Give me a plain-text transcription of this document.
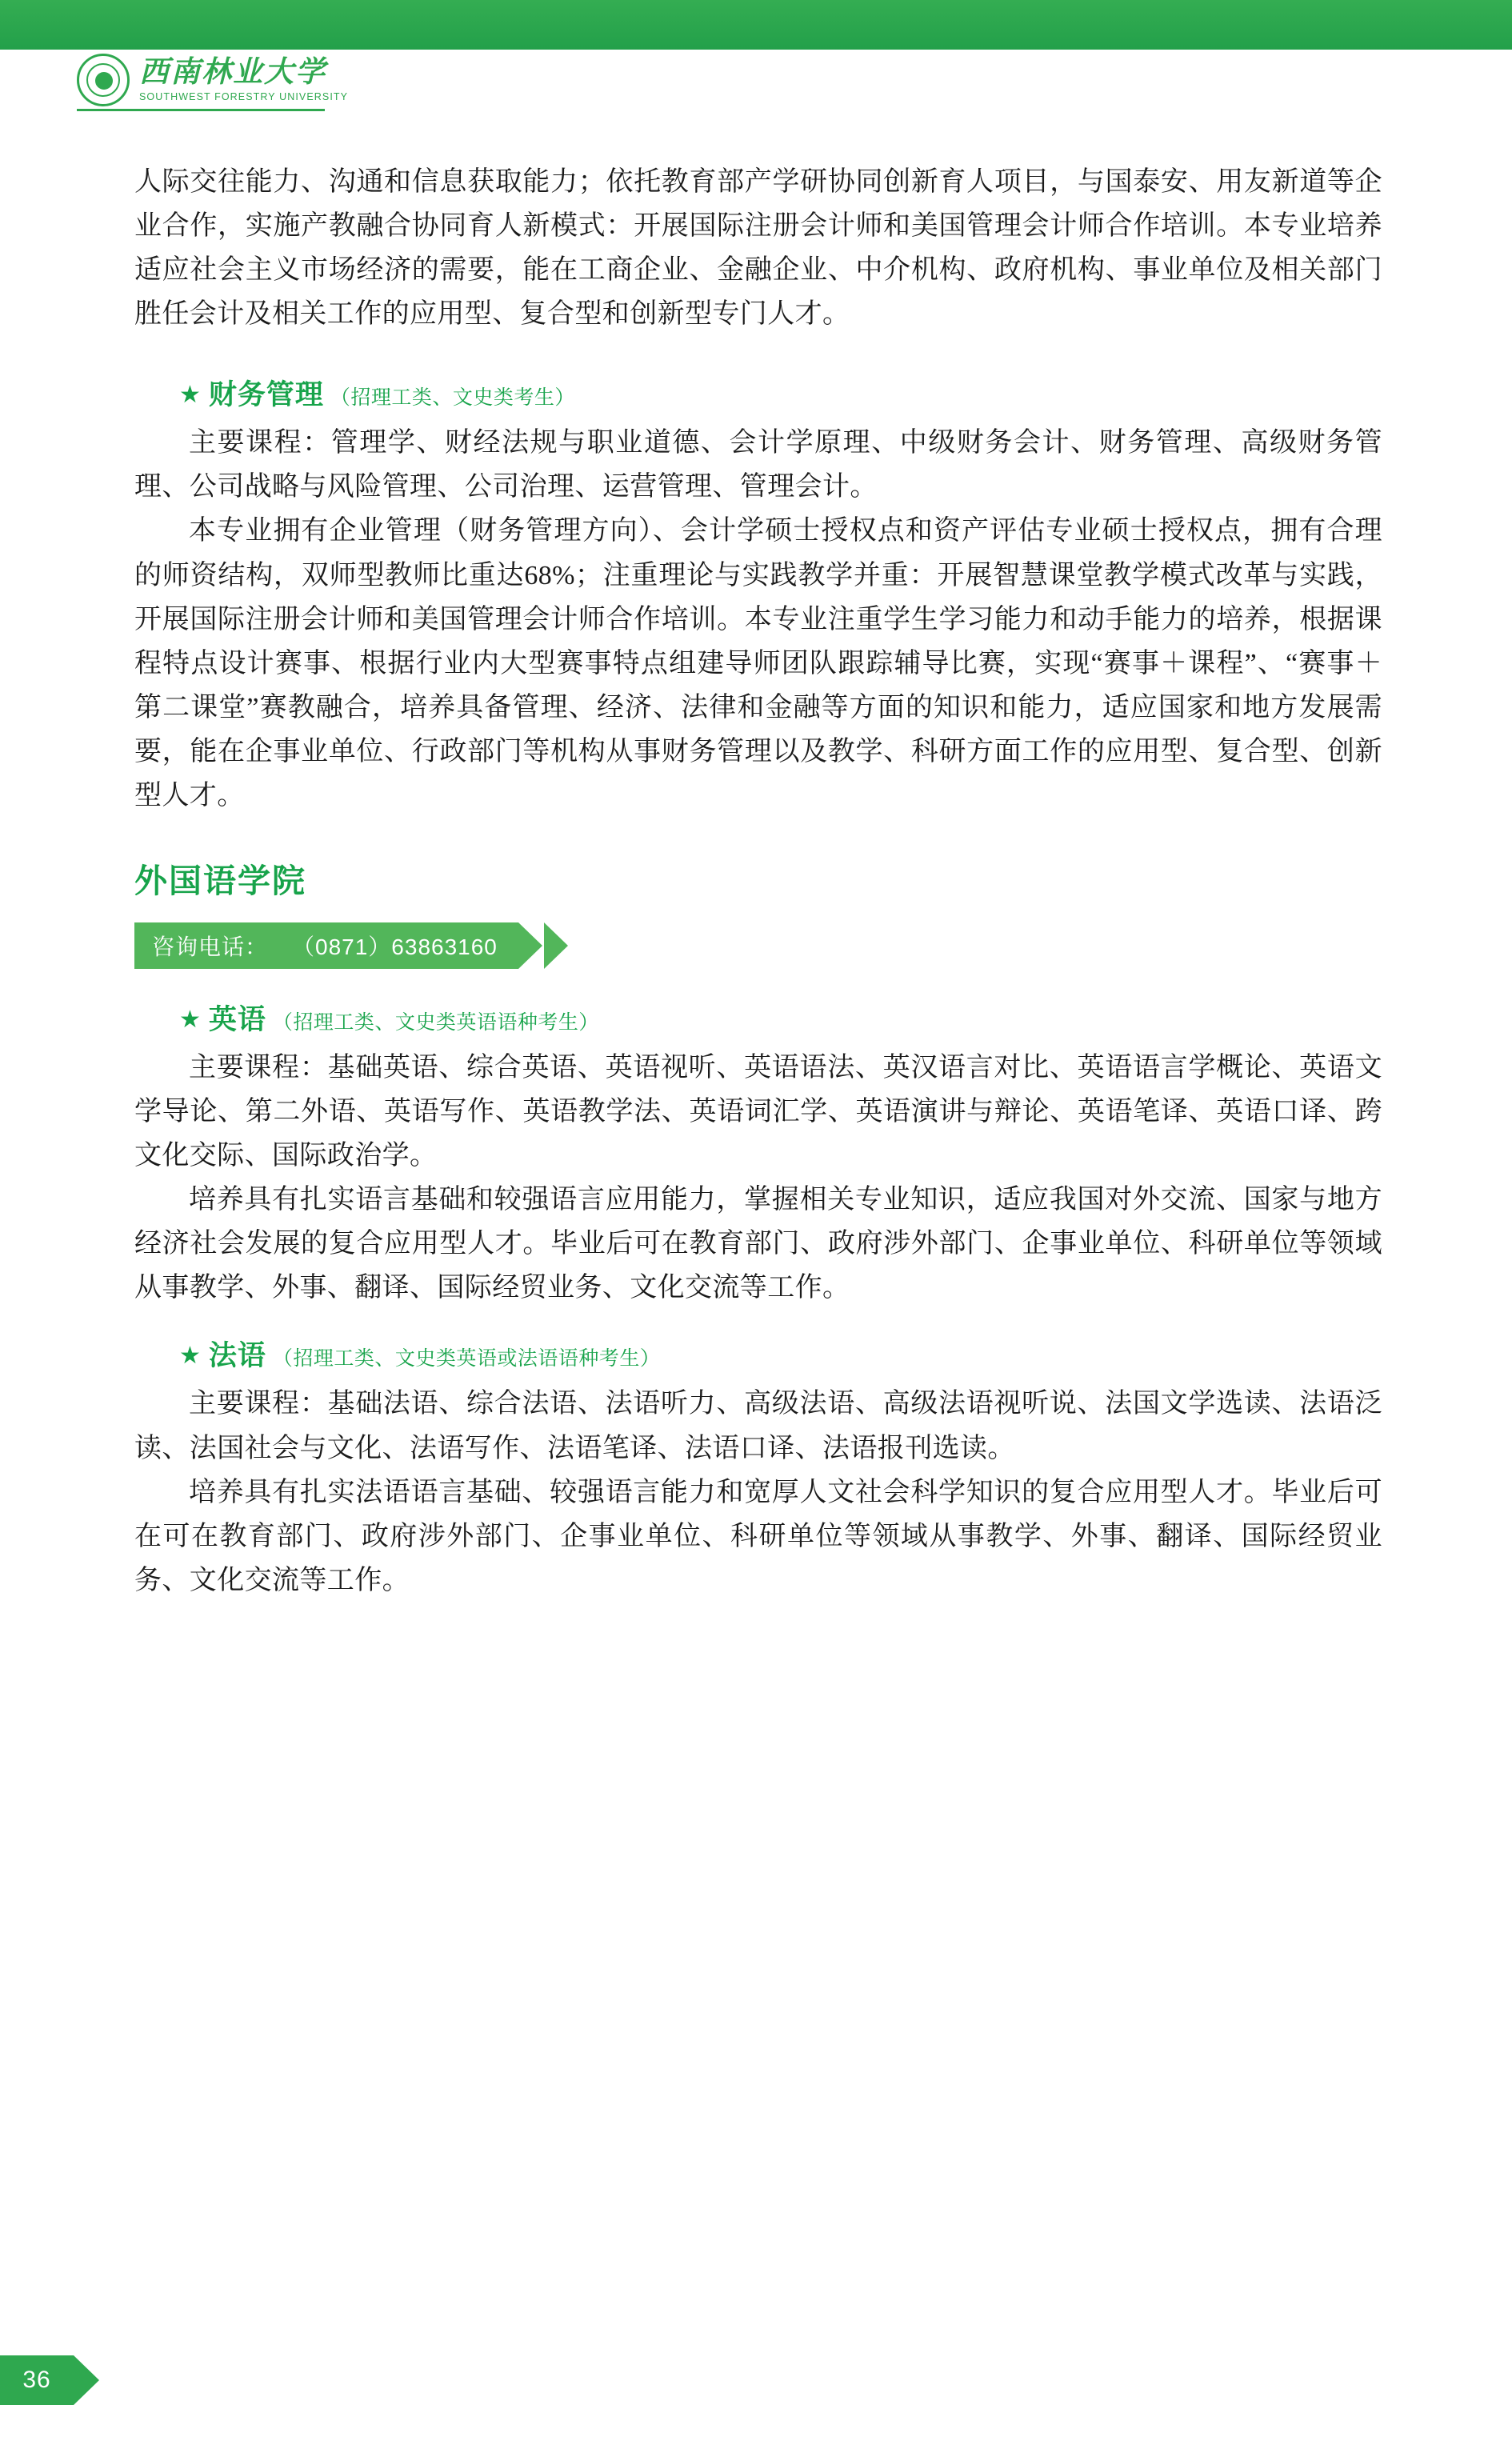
西南林业大学
SOUTHWEST FORESTRY UNIVERSITY

人际交往能力、沟通和信息获取能力；依托教育部产学研协同创新育人项目，与国泰安、用友新道等企业合作，实施产教融合协同育人新模式：开展国际注册会计师和美国管理会计师合作培训。本专业培养适应社会主义市场经济的需要，能在工商企业、金融企业、中介机构、政府机构、事业单位及相关部门胜任会计及相关工作的应用型、复合型和创新型专门人才。

★ 财务管理 （招理工类、文史类考生）

主要课程：管理学、财经法规与职业道德、会计学原理、中级财务会计、财务管理、高级财务管理、公司战略与风险管理、公司治理、运营管理、管理会计。

本专业拥有企业管理（财务管理方向）、会计学硕士授权点和资产评估专业硕士授权点，拥有合理的师资结构，双师型教师比重达68%；注重理论与实践教学并重：开展智慧课堂教学模式改革与实践，开展国际注册会计师和美国管理会计师合作培训。本专业注重学生学习能力和动手能力的培养，根据课程特点设计赛事、根据行业内大型赛事特点组建导师团队跟踪辅导比赛，实现“赛事＋课程”、“赛事＋第二课堂”赛教融合，培养具备管理、经济、法律和金融等方面的知识和能力，适应国家和地方发展需要，能在企事业单位、行政部门等机构从事财务管理以及教学、科研方面工作的应用型、复合型、创新型人才。

外国语学院
咨询电话： （0871）63863160
★ 英语 （招理工类、文史类英语语种考生）

主要课程：基础英语、综合英语、英语视听、英语语法、英汉语言对比、英语语言学概论、英语文学导论、第二外语、英语写作、英语教学法、英语词汇学、英语演讲与辩论、英语笔译、英语口译、跨文化交际、国际政治学。

培养具有扎实语言基础和较强语言应用能力，掌握相关专业知识，适应我国对外交流、国家与地方经济社会发展的复合应用型人才。毕业后可在教育部门、政府涉外部门、企事业单位、科研单位等领域从事教学、外事、翻译、国际经贸业务、文化交流等工作。

★ 法语 （招理工类、文史类英语或法语语种考生）

主要课程：基础法语、综合法语、法语听力、高级法语、高级法语视听说、法国文学选读、法语泛读、法国社会与文化、法语写作、法语笔译、法语口译、法语报刊选读。

培养具有扎实法语语言基础、较强语言能力和宽厚人文社会科学知识的复合应用型人才。毕业后可在可在教育部门、政府涉外部门、企事业单位、科研单位等领域从事教学、外事、翻译、国际经贸业务、文化交流等工作。

36
